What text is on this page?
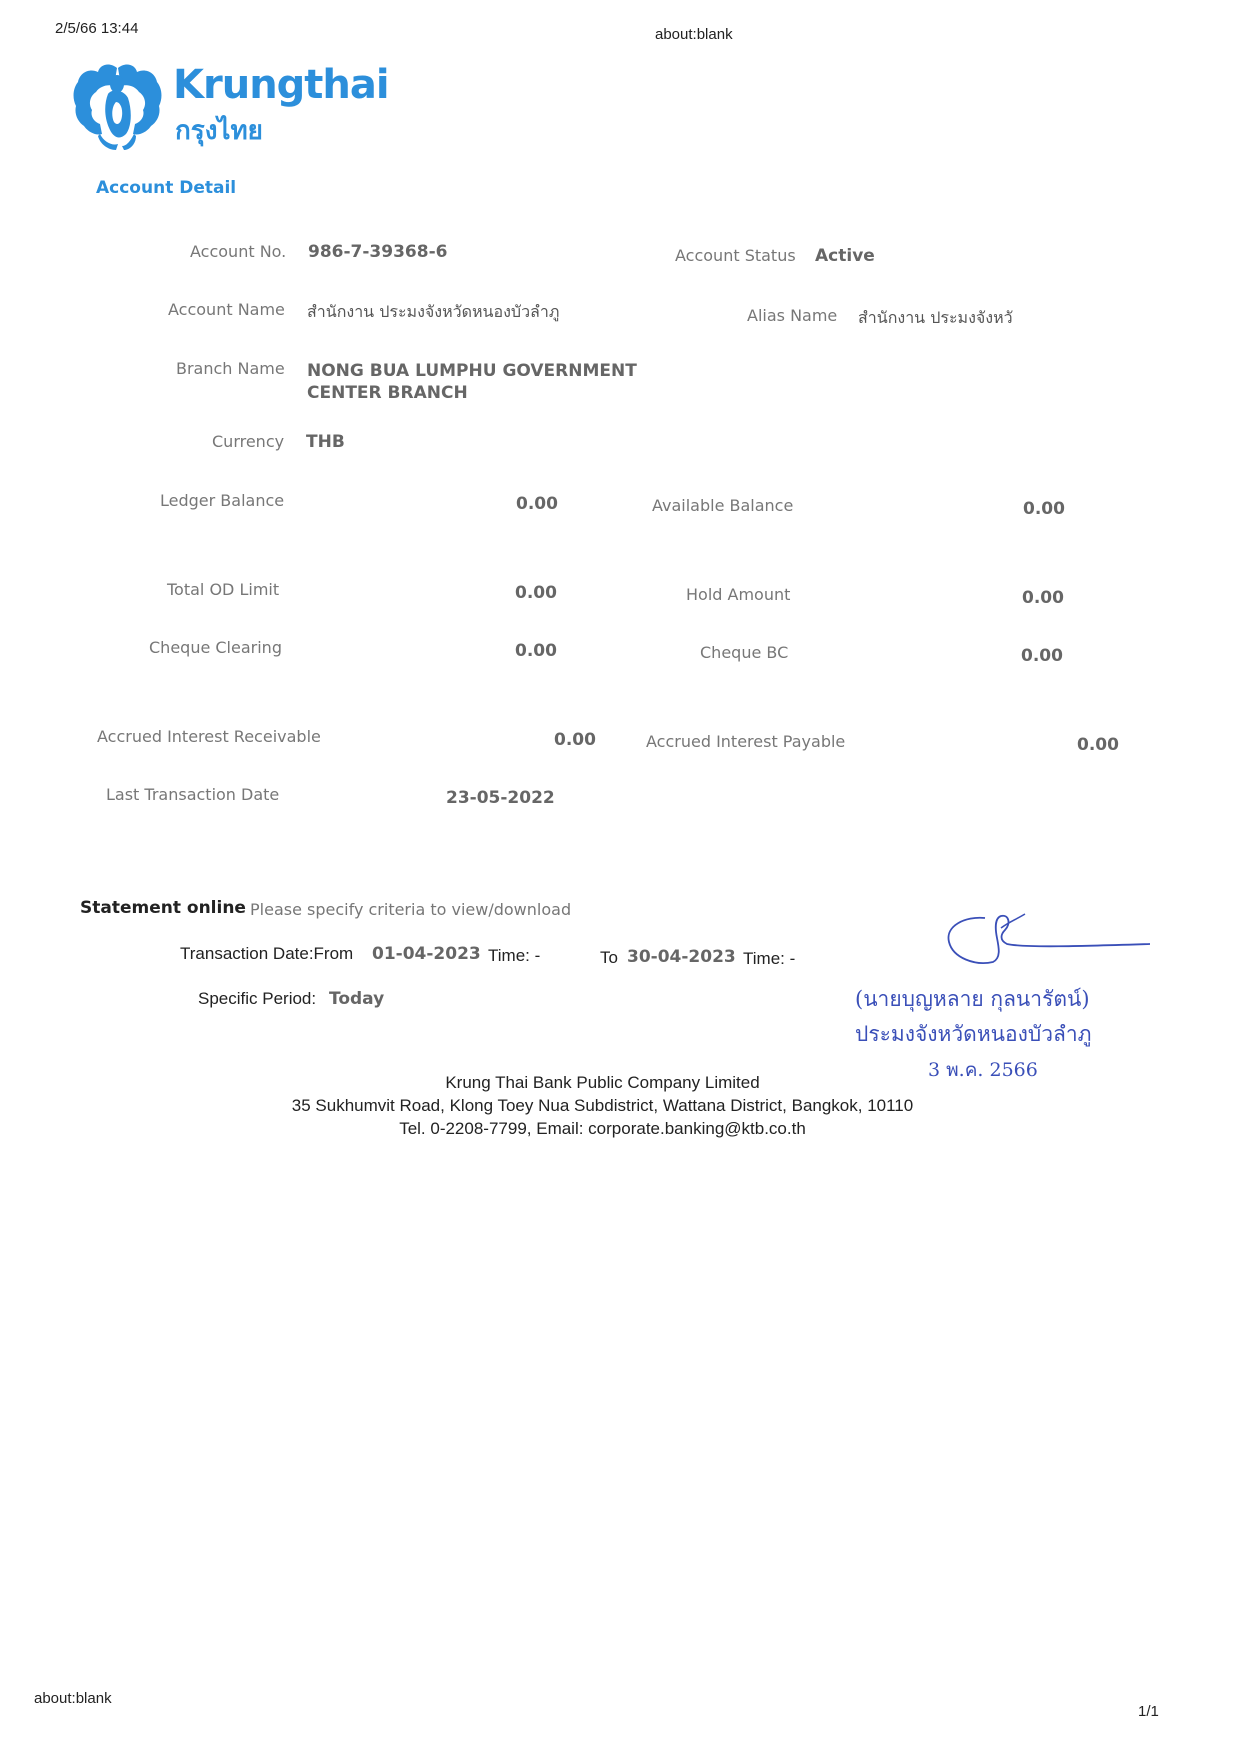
2/5/66 13:44	about:blank
Krungthai
กรุงไทย
Account Detail
Account No. 986-7-39368-6	Account Status Active
Account Name สำนักงาน ประมงจังหวัดหนองบัวลำภู	Alias Name สำนักงาน ประมงจังหวั
Branch Name NONG BUA LUMPHU GOVERNMENT
CENTER BRANCH
Currency THB
Ledger Balance	0.00	Available Balance	0.00
Total OD Limit	0.00	Hold Amount	0.00
Cheque Clearing	0.00	Cheque BC	0.00
Accrued Interest Receivable	0.00	Accrued Interest Payable	0.00
Last Transaction Date	23-05-2022
Statement online Please specify criteria to view/download
Transaction Date:From 01-04-2023 Time: -	To 30-04-2023 Time: -
Specific Period: Today	(นายบุญหลาย กุลนารัตน์)
ประมงจังหวัดหนองบัวลำภู
3 พ.ค. 2566
Krung Thai Bank Public Company Limited
35 Sukhumvit Road, Klong Toey Nua Subdistrict, Wattana District, Bangkok, 10110
Tel. 0-2208-7799, Email: corporate.banking@ktb.co.th
about:blank
1/1
